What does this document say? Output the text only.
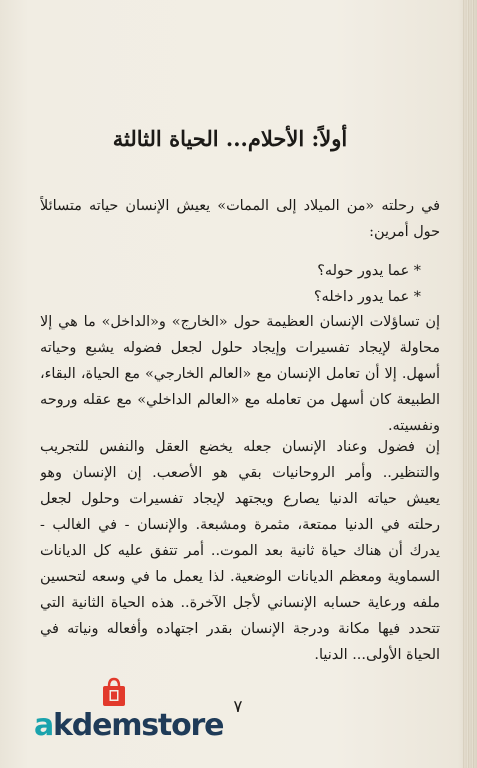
أولاً: الأحلام... الحياة الثالثة
في رحلته «من الميلاد إلى الممات» يعيش الإنسان حياته متسائلاً
حول أمرين:
* عما يدور حوله؟
* عما يدور داخله؟
إن تساؤلات الإنسان العظيمة حول «الخارج» و«الداخل» ما هي إلا
محاولة لإيجاد تفسيرات وإيجاد حلول لجعل فضوله يشبع وحياته
أسهل. إلا أن تعامل الإنسان مع «العالم الخارجي» مع الحياة، البقاء،
الطبيعة كان أسهل من تعامله مع «العالم الداخلي» مع عقله وروحه
ونفسيته.
إن فضول وعناد الإنسان جعله يخضع العقل والنفس للتجريب
والتنظير.. وأمر الروحانيات بقي هو الأصعب. إن الإنسان وهو
يعيش حياته الدنيا يصارع ويجتهد لإيجاد تفسيرات وحلول لجعل
رحلته في الدنيا ممتعة، مثمرة ومشبعة. والإنسان - في الغالب -
يدرك أن هناك حياة ثانية بعد الموت.. أمر تتفق عليه كل الديانات
السماوية ومعظم الديانات الوضعية. لذا يعمل ما في وسعه لتحسين
ملفه ورعاية حسابه الإنساني لأجل الآخرة.. هذه الحياة الثانية التي
تتحدد فيها مكانة ودرجة الإنسان بقدر اجتهاده وأفعاله ونياته في
الحياة الأولى... الدنيا.
٧
akdemstore
